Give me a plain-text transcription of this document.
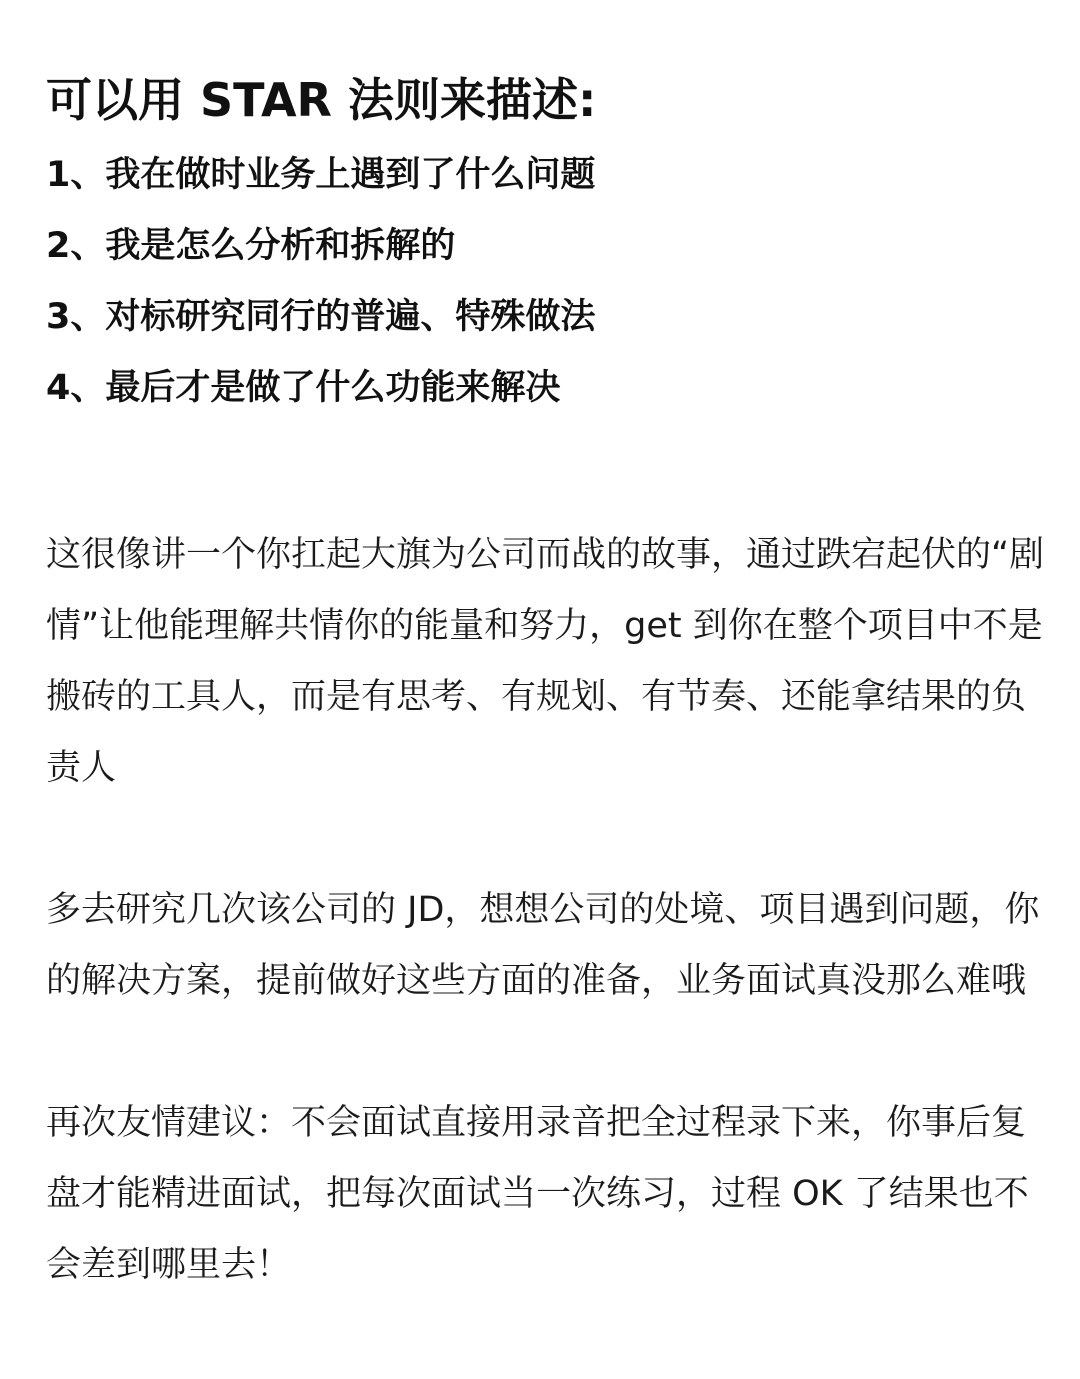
可以用 STAR 法则来描述:
1、我在做时业务上遇到了什么问题
2、我是怎么分析和拆解的
3、对标研究同行的普遍、特殊做法
4、最后才是做了什么功能来解决

这很像讲一个你扛起大旗为公司而战的故事，通过跌宕起伏的“剧情”让他能理解共情你的能量和努力，get 到你在整个项目中不是搬砖的工具人，而是有思考、有规划、有节奏、还能拿结果的负责人

多去研究几次该公司的 JD，想想公司的处境、项目遇到问题，你的解决方案，提前做好这些方面的准备，业务面试真没那么难哦

再次友情建议：不会面试直接用录音把全过程录下来，你事后复盘才能精进面试，把每次面试当一次练习，过程 OK 了结果也不会差到哪里去！
